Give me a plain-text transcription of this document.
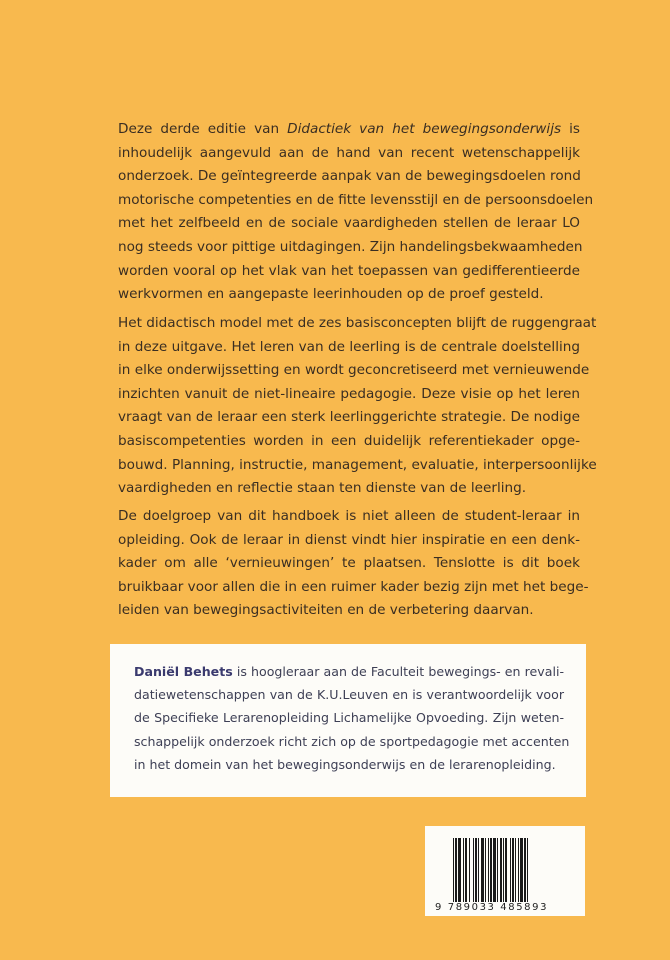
Deze derde editie van Didactiek van het bewegingsonderwijs is
inhoudelijk aangevuld aan de hand van recent wetenschappelijk
onderzoek. De geïntegreerde aanpak van de bewegingsdoelen rond
motorische competenties en de fitte levensstijl en de persoonsdoelen
met het zelfbeeld en de sociale vaardigheden stellen de leraar LO
nog steeds voor pittige uitdagingen. Zijn handelingsbekwaamheden
worden vooral op het vlak van het toepassen van gedifferentieerde
werkvormen en aangepaste leerinhouden op de proef gesteld.
Het didactisch model met de zes basisconcepten blijft de ruggengraat
in deze uitgave. Het leren van de leerling is de centrale doelstelling
in elke onderwijssetting en wordt geconcretiseerd met vernieuwende
inzichten vanuit de niet-lineaire pedagogie. Deze visie op het leren
vraagt van de leraar een sterk leerlinggerichte strategie. De nodige
basiscompetenties worden in een duidelijk referentiekader opge-
bouwd. Planning, instructie, management, evaluatie, interpersoonlijke
vaardigheden en reflectie staan ten dienste van de leerling.
De doelgroep van dit handboek is niet alleen de student-leraar in
opleiding. Ook de leraar in dienst vindt hier inspiratie en een denk-
kader om alle ‘vernieuwingen’ te plaatsen. Tenslotte is dit boek
bruikbaar voor allen die in een ruimer kader bezig zijn met het bege-
leiden van bewegingsactiviteiten en de verbetering daarvan.
Daniël Behets is hoogleraar aan de Faculteit bewegings- en revali-
datiewetenschappen van de K.U.Leuven en is verantwoordelijk voor
de Specifieke Lerarenopleiding Lichamelijke Opvoeding. Zijn weten-
schappelijk onderzoek richt zich op de sportpedagogie met accenten
in het domein van het bewegingsonderwijs en de lerarenopleiding.
9 789033 485893
